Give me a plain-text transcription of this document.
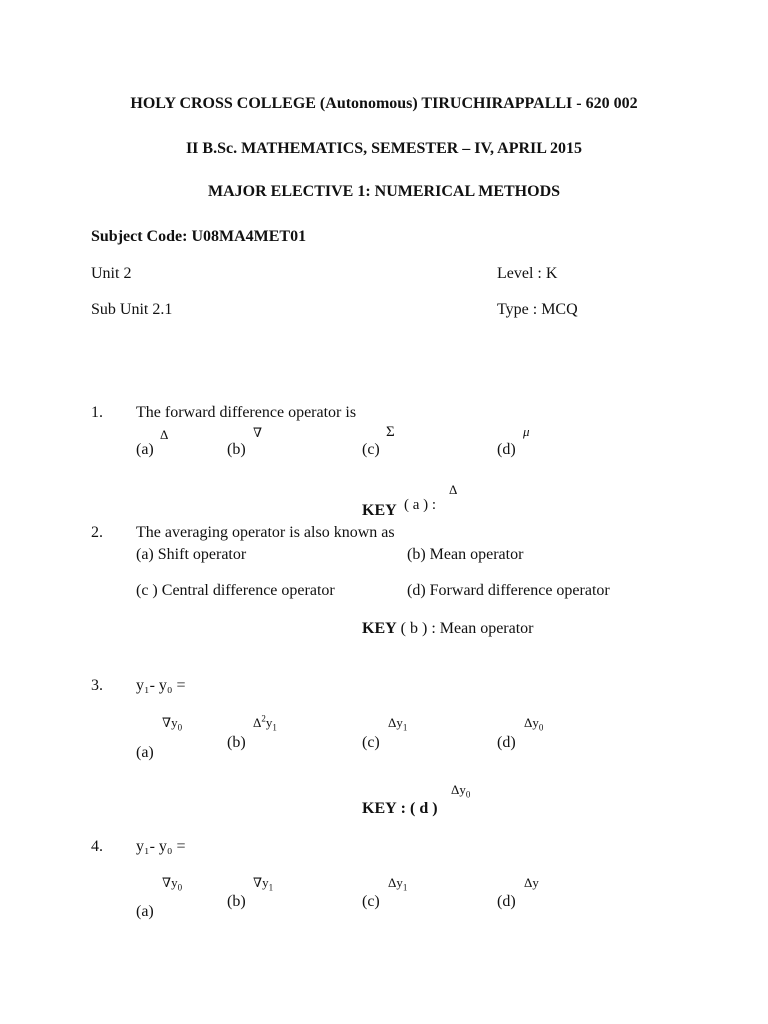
HOLY CROSS COLLEGE (Autonomous) TIRUCHIRAPPALLI - 620 002
II B.Sc. MATHEMATICS, SEMESTER – IV, APRIL 2015
MAJOR ELECTIVE 1: NUMERICAL METHODS
Subject Code: U08MA4MET01
Unit 2	Level : K
Sub Unit 2.1	Type : MCQ
1. The forward difference operator is
(a)
Δ
(b)
∇
(c)
Σ
(d)
μ
KEY ( a ) :
Δ
2. The averaging operator is also known as
(a) Shift operator	(b) Mean operator
(c ) Central difference operator	(d) Forward difference operator
KEY ( b ) : Mean operator
3. y₁- y₀ =
$\nabla y_0$
(a)
$\Delta^2y_1$
(b)
$\Delta y_1$
(c)
$\Delta y_0$
(d)
$\Delta y_0$
KEY : ( d )
4. y₁- y₀ =
$\nabla y_0$
(a)
$\nabla y_1$
(b)
$\Delta y_1$
(c)
Δy
(d)
